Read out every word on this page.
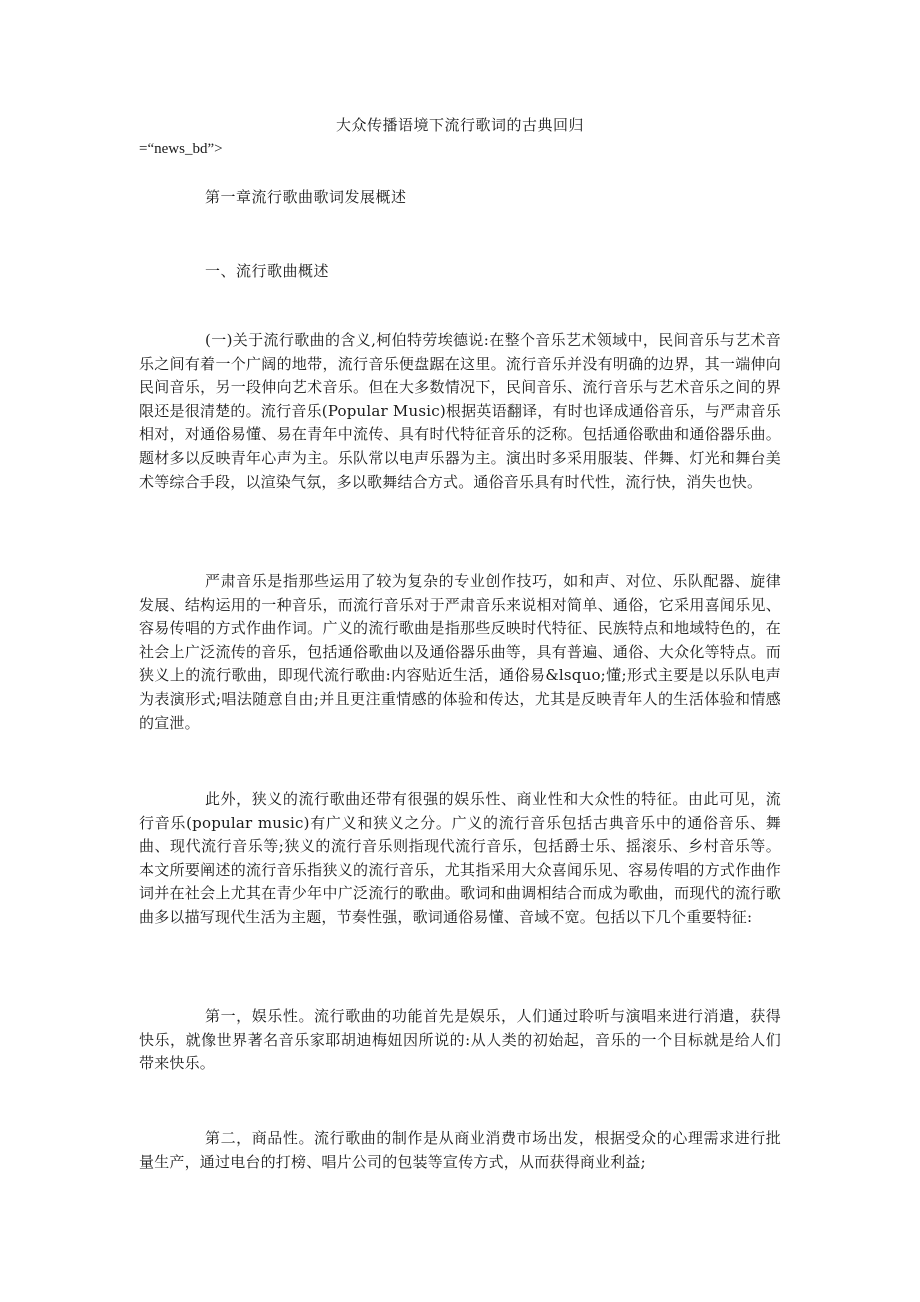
大众传播语境下流行歌词的古典回归
=“news_bd”>
第一章流行歌曲歌词发展概述
一、流行歌曲概述

(一)关于流行歌曲的含义,柯伯特劳埃德说:在整个音乐艺术领域中，民间音乐与艺术音乐之间有着一个广阔的地带，流行音乐便盘踞在这里。流行音乐并没有明确的边界，其一端伸向民间音乐，另一段伸向艺术音乐。但在大多数情况下，民间音乐、流行音乐与艺术音乐之间的界限还是很清楚的。流行音乐(Popular Music)根据英语翻译，有时也译成通俗音乐，与严肃音乐相对，对通俗易懂、易在青年中流传、具有时代特征音乐的泛称。包括通俗歌曲和通俗器乐曲。题材多以反映青年心声为主。乐队常以电声乐器为主。演出时多采用服装、伴舞、灯光和舞台美术等综合手段，以渲染气氛，多以歌舞结合方式。通俗音乐具有时代性，流行快，消失也快。

严肃音乐是指那些运用了较为复杂的专业创作技巧，如和声、对位、乐队配器、旋律发展、结构运用的一种音乐，而流行音乐对于严肃音乐来说相对简单、通俗，它采用喜闻乐见、容易传唱的方式作曲作词。广义的流行歌曲是指那些反映时代特征、民族特点和地域特色的，在社会上广泛流传的音乐，包括通俗歌曲以及通俗器乐曲等，具有普遍、通俗、大众化等特点。而狭义上的流行歌曲，即现代流行歌曲:内容贴近生活，通俗易&lsquo;懂;形式主要是以乐队电声为表演形式;唱法随意自由;并且更注重情感的体验和传达，尤其是反映青年人的生活体验和情感的宣泄。

此外，狭义的流行歌曲还带有很强的娱乐性、商业性和大众性的特征。由此可见，流行音乐(popular music)有广义和狭义之分。广义的流行音乐包括古典音乐中的通俗音乐、舞曲、现代流行音乐等;狭义的流行音乐则指现代流行音乐，包括爵士乐、摇滚乐、乡村音乐等。本文所要阐述的流行音乐指狭义的流行音乐，尤其指采用大众喜闻乐见、容易传唱的方式作曲作词并在社会上尤其在青少年中广泛流行的歌曲。歌词和曲调相结合而成为歌曲，而现代的流行歌曲多以描写现代生活为主题，节奏性强，歌词通俗易懂、音域不宽。包括以下几个重要特征:

第一，娱乐性。流行歌曲的功能首先是娱乐，人们通过聆听与演唱来进行消遣，获得快乐，就像世界著名音乐家耶胡迪梅妞因所说的:从人类的初始起，音乐的一个目标就是给人们带来快乐。

第二，商品性。流行歌曲的制作是从商业消费市场出发，根据受众的心理需求进行批量生产，通过电台的打榜、唱片公司的包装等宣传方式，从而获得商业利益;
